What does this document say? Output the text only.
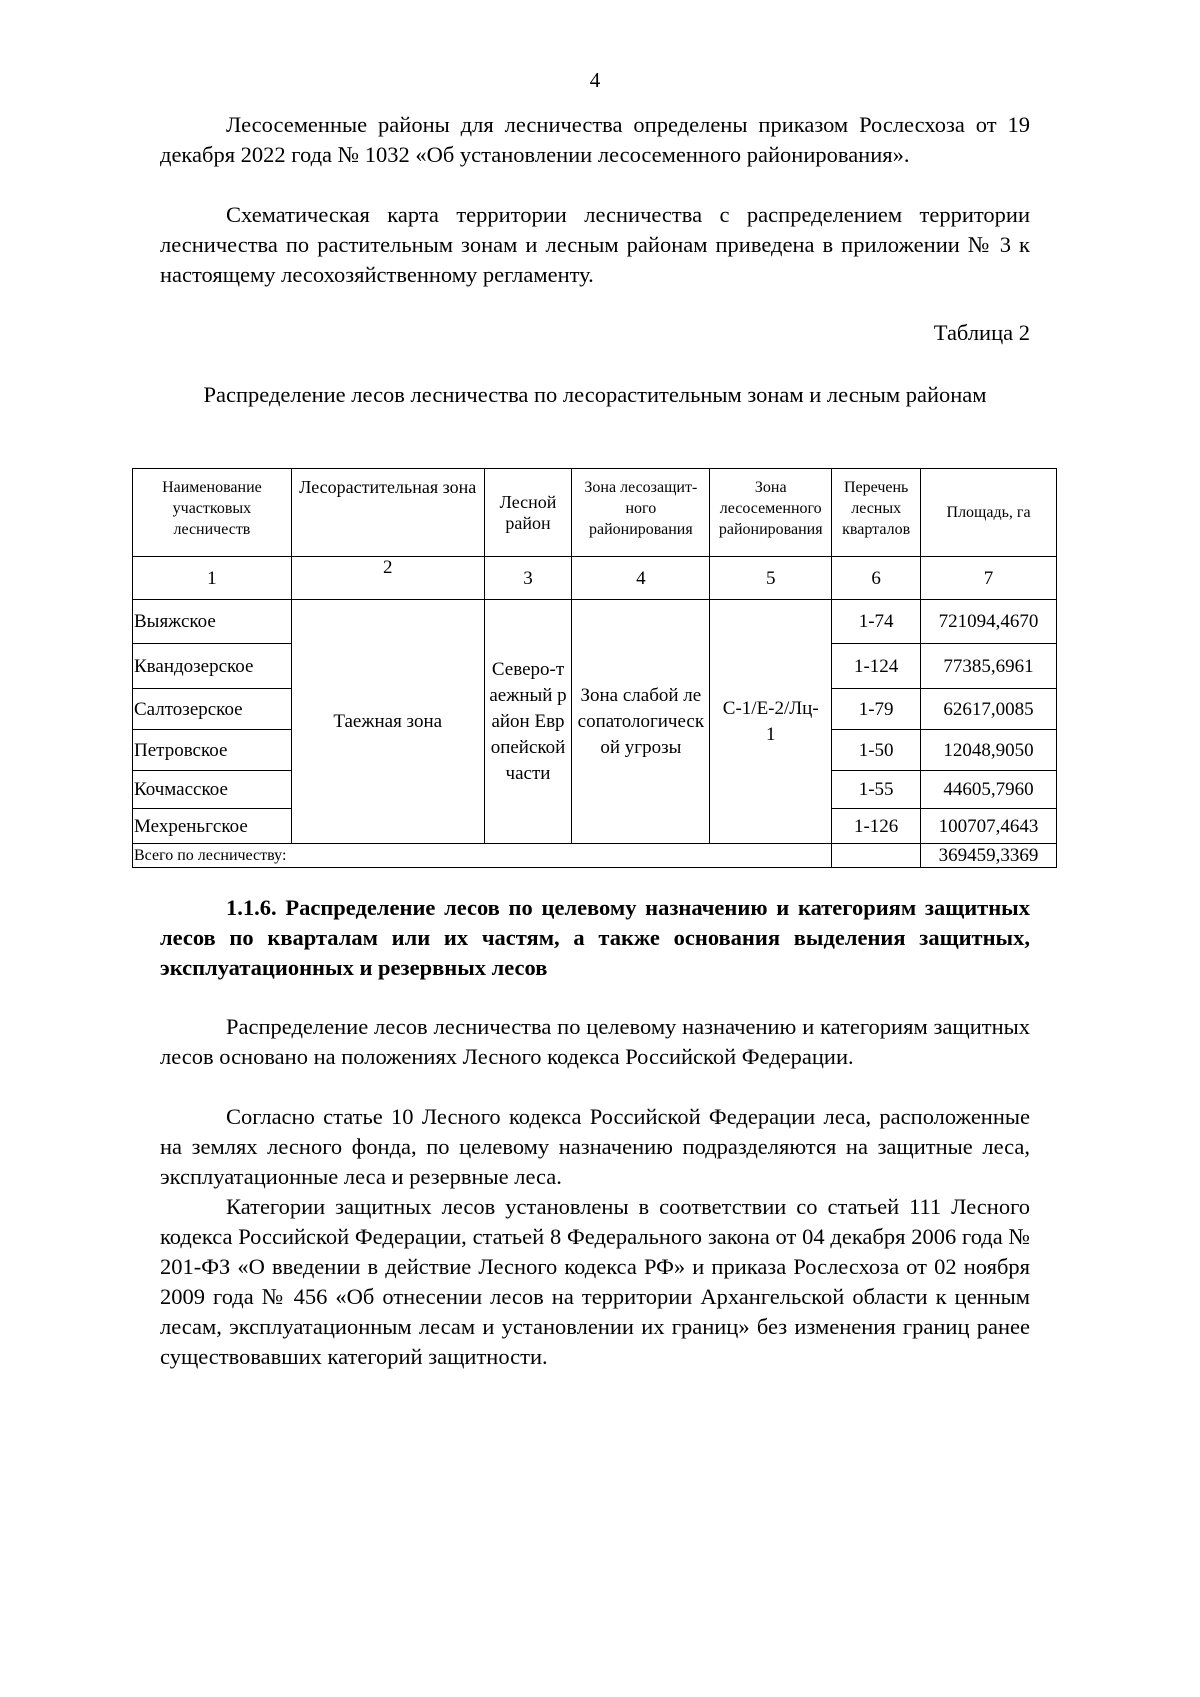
4

Лесосеменные районы для лесничества определены приказом Рослесхоза от 19 декабря 2022 года № 1032 «Об установлении лесосеменного районирования».

Схематическая карта территории лесничества с распределением территории лесничества по растительным зонам и лесным районам приведена в приложении № 3 к настоящему лесохозяйственному регламенту.

Таблица 2
Распределение лесов лесничества по лесорастительным зонам и лесным районам
Наименование участковых лесничеств	Лесорастительная зона	Лесной район	Зона лесозащит-ного районирования	Зона лесосеменного районирования	Перечень лесных кварталов	Площадь, га
1	2	3	4	5	6	7
Выяжское	Таежная зона	Северо-таежный район Европейской части	Зона слабой лесопатологической угрозы	С-1/Е-2/Лц-1	1-74	721094,4670
Квандозерское					1-124	77385,6961
Салтозерское					1-79	62617,0085
Петровское					1-50	12048,9050
Кочмасское					1-55	44605,7960
Мехреньгское					1-126	100707,4643
Всего по лесничеству:						369459,3369

1.1.6. Распределение лесов по целевому назначению и категориям защитных лесов по кварталам или их частям, а также основания выделения защитных, эксплуатационных и резервных лесов

Распределение лесов лесничества по целевому назначению и категориям защитных лесов основано на положениях Лесного кодекса Российской Федерации.

Согласно статье 10 Лесного кодекса Российской Федерации леса, расположенные на землях лесного фонда, по целевому назначению подразделяются на защитные леса, эксплуатационные леса и резервные леса.

Категории защитных лесов установлены в соответствии со статьей 111 Лесного кодекса Российской Федерации, статьей 8 Федерального закона от 04 декабря 2006 года № 201-ФЗ «О введении в действие Лесного кодекса РФ» и приказа Рослесхоза от 02 ноября 2009 года № 456 «Об отнесении лесов на территории Архангельской области к ценным лесам, эксплуатационным лесам и установлении их границ» без изменения границ ранее существовавших категорий защитности.
